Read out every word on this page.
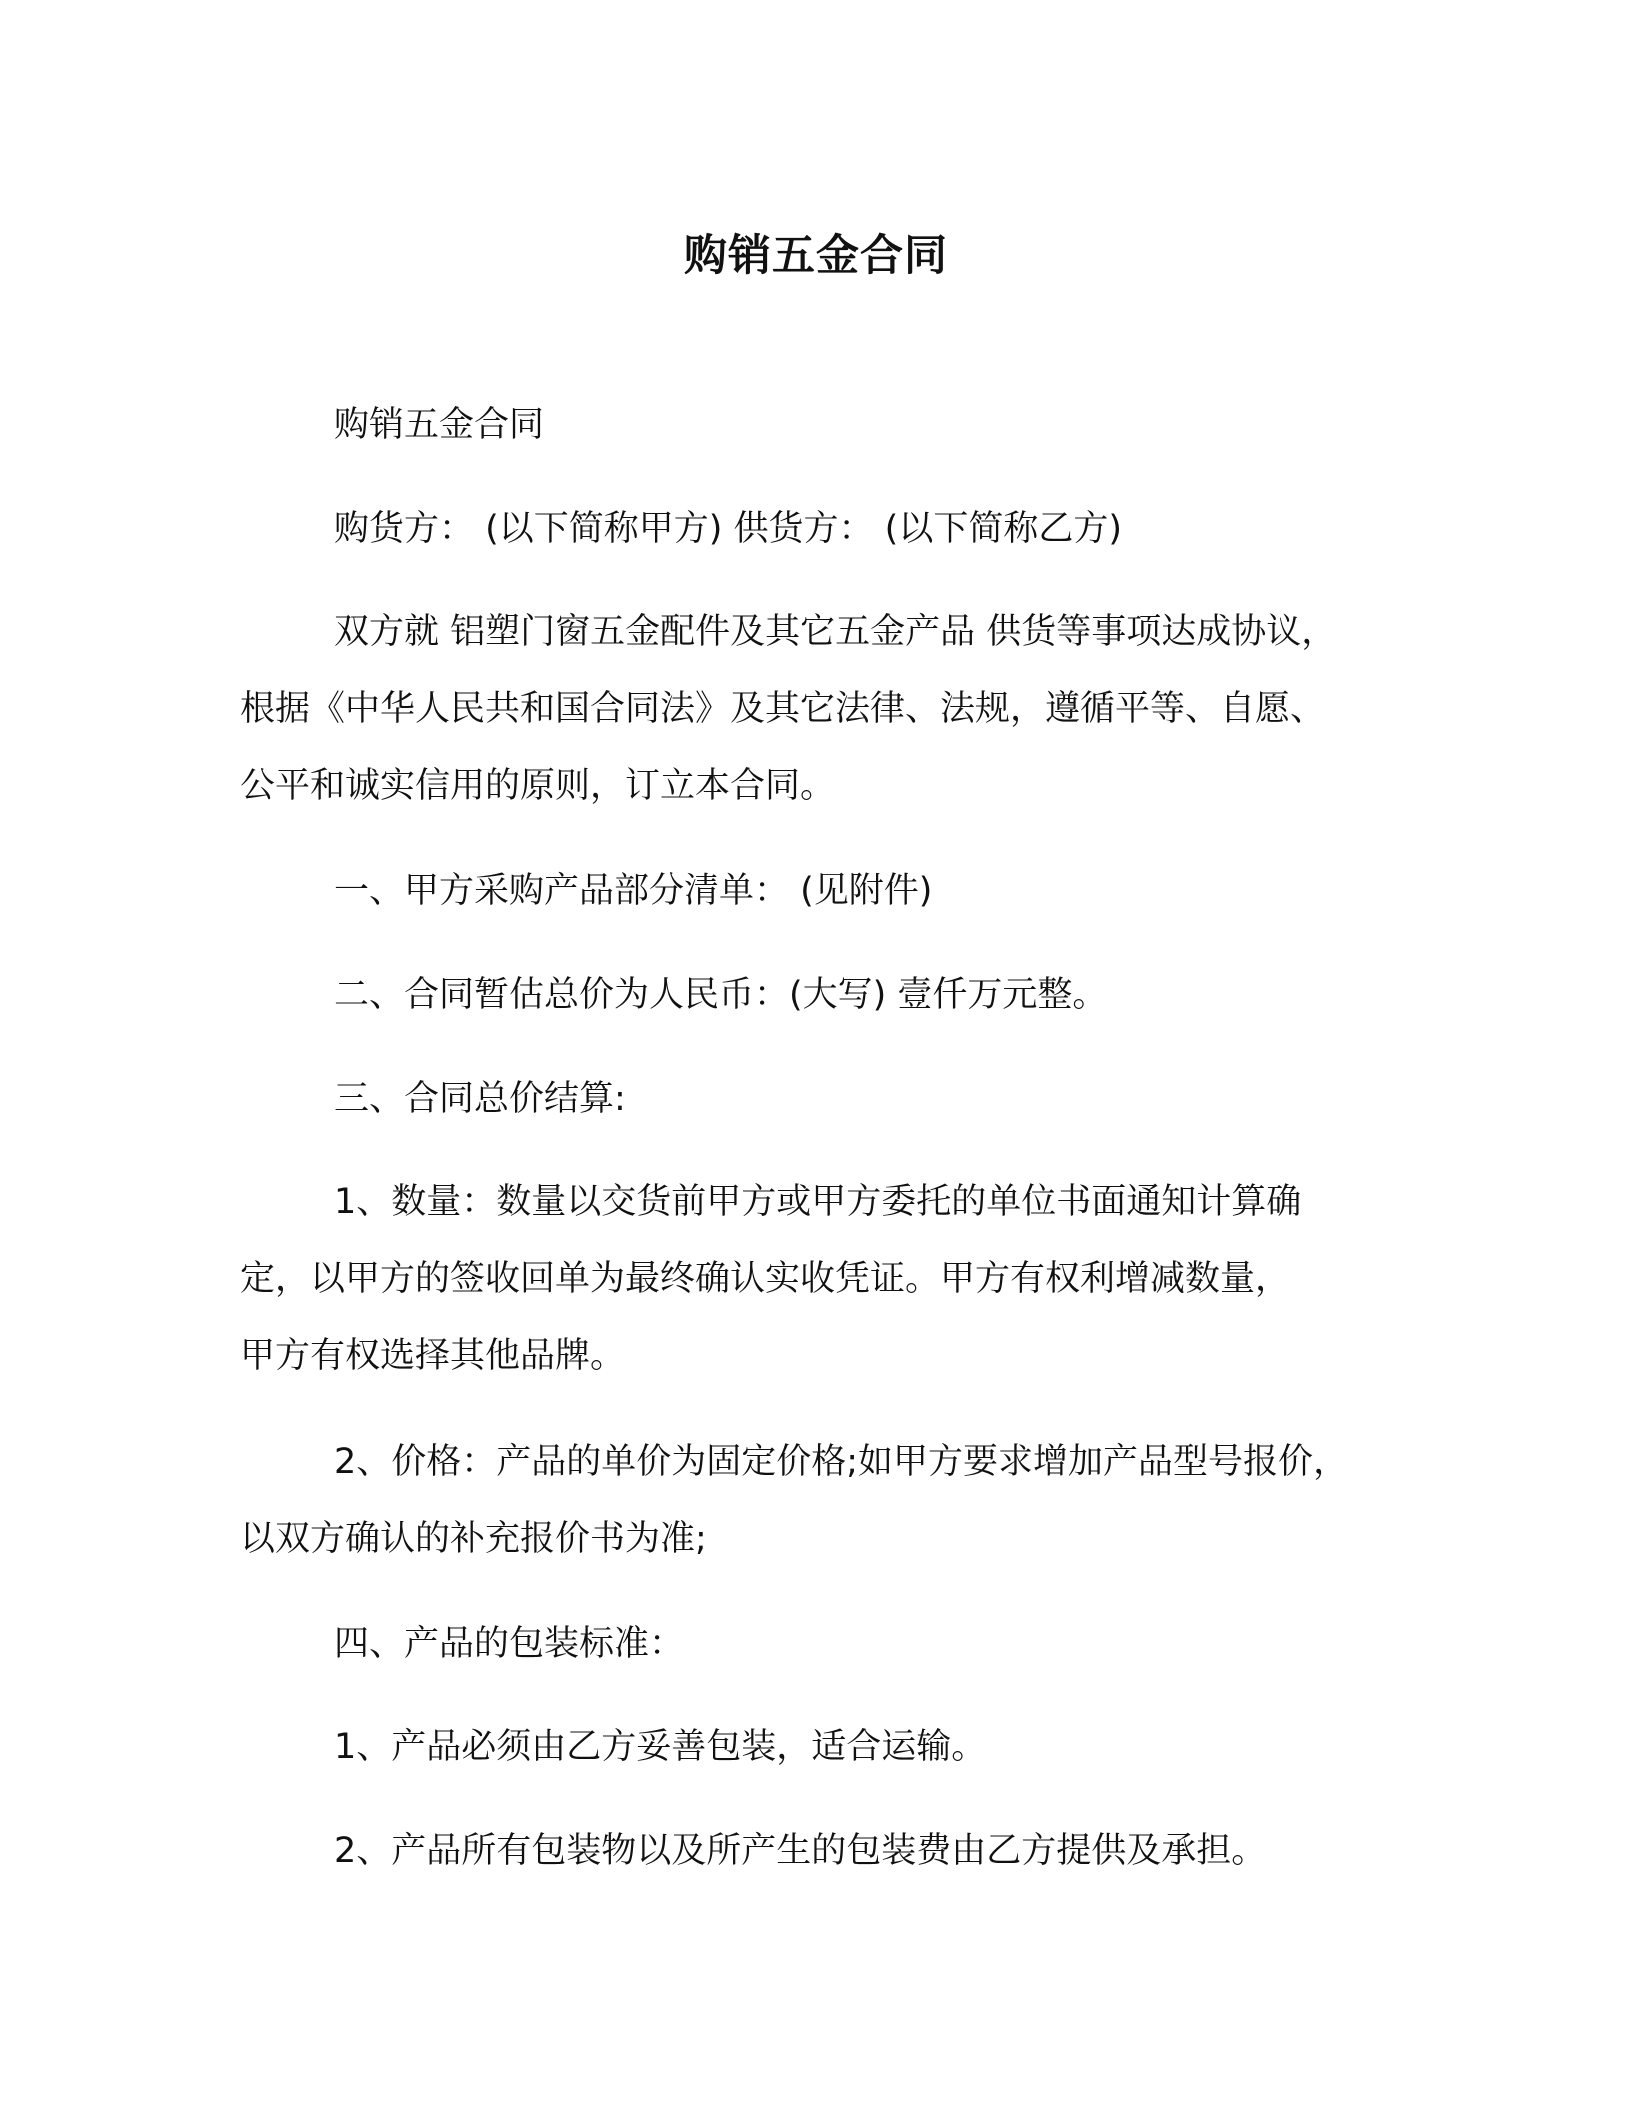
购销五金合同

购销五金合同

购货方： (以下简称甲方) 供货方： (以下简称乙方)

双方就 铝塑门窗五金配件及其它五金产品 供货等事项达成协议，
根据《中华人民共和国合同法》及其它法律、法规，遵循平等、自愿、
公平和诚实信用的原则，订立本合同。

一、甲方采购产品部分清单： (见附件)

二、合同暂估总价为人民币：(大写) 壹仟万元整。

三、合同总价结算:

1、数量：数量以交货前甲方或甲方委托的单位书面通知计算确
定，以甲方的签收回单为最终确认实收凭证。甲方有权利增减数量，
甲方有权选择其他品牌。

2、价格：产品的单价为固定价格;如甲方要求增加产品型号报价，
以双方确认的补充报价书为准;

四、产品的包装标准：

1、产品必须由乙方妥善包装，适合运输。

2、产品所有包装物以及所产生的包装费由乙方提供及承担。
